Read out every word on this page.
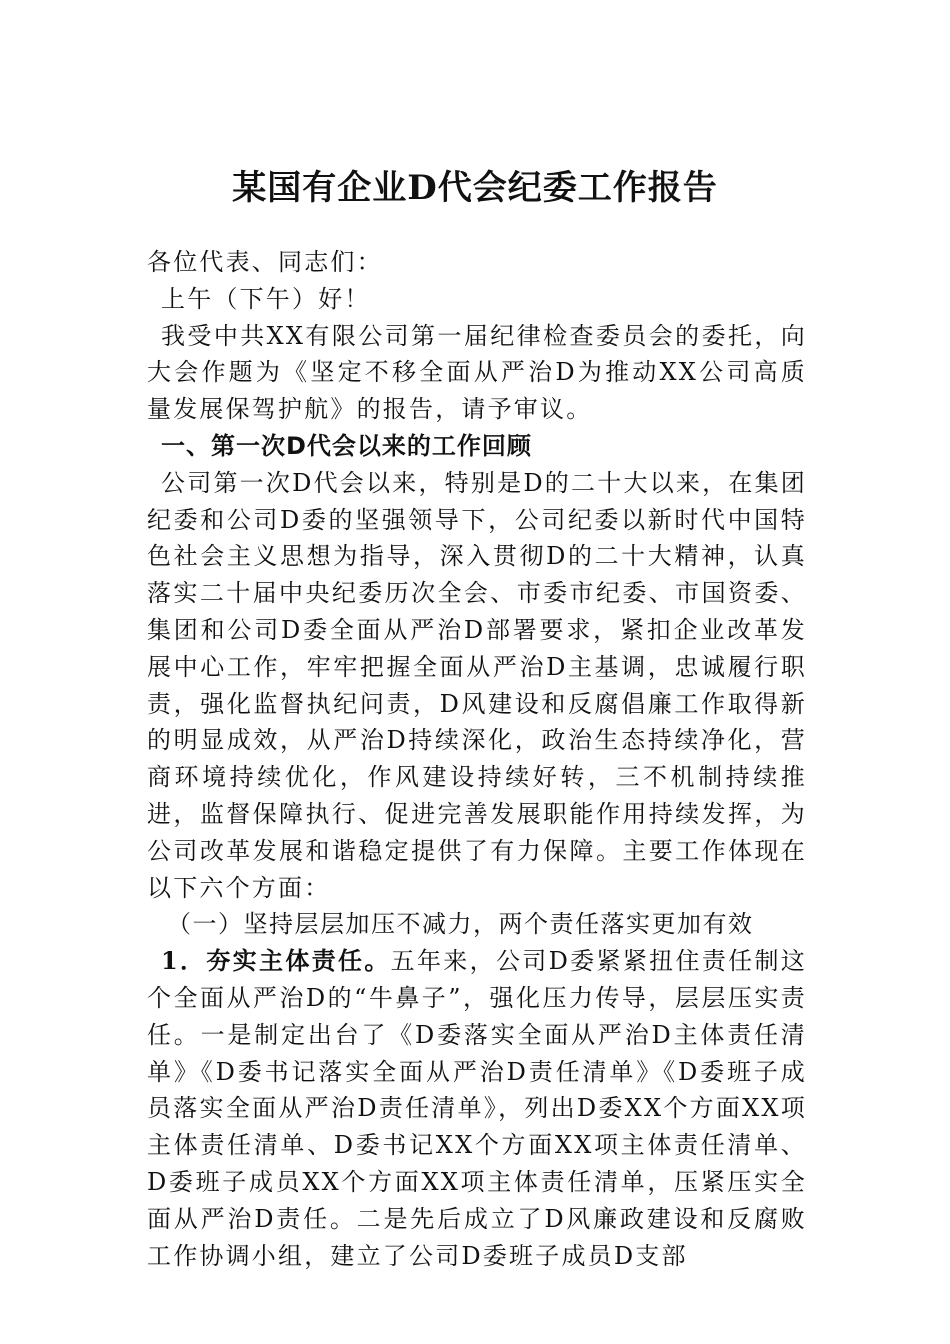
某国有企业D代会纪委工作报告

各位代表、同志们：

上午（下午）好！

我受中共XX有限公司第一届纪律检查委员会的委托，向大会作题为《坚定不移全面从严治D为推动XX公司高质量发展保驾护航》的报告，请予审议。

一、第一次D代会以来的工作回顾

公司第一次D代会以来，特别是D的二十大以来，在集团纪委和公司D委的坚强领导下，公司纪委以新时代中国特色社会主义思想为指导，深入贯彻D的二十大精神，认真落实二十届中央纪委历次全会、市委市纪委、市国资委、集团和公司D委全面从严治D部署要求，紧扣企业改革发展中心工作，牢牢把握全面从严治D主基调，忠诚履行职责，强化监督执纪问责，D风建设和反腐倡廉工作取得新的明显成效，从严治D持续深化，政治生态持续净化，营商环境持续优化，作风建设持续好转，三不机制持续推进，监督保障执行、促进完善发展职能作用持续发挥，为公司改革发展和谐稳定提供了有力保障。主要工作体现在以下六个方面：

（一）坚持层层加压不减力，两个责任落实更加有效

1．夯实主体责任。五年来，公司D委紧紧扭住责任制这个全面从严治D的“牛鼻子”，强化压力传导，层层压实责任。一是制定出台了《D委落实全面从严治D主体责任清单》《D委书记落实全面从严治D责任清单》《D委班子成员落实全面从严治D责任清单》，列出D委XX个方面XX项主体责任清单、D委书记XX个方面XX项主体责任清单、D委班子成员XX个方面XX项主体责任清单，压紧压实全面从严治D责任。二是先后成立了D风廉政建设和反腐败工作协调小组，建立了公司D委班子成员D支部
